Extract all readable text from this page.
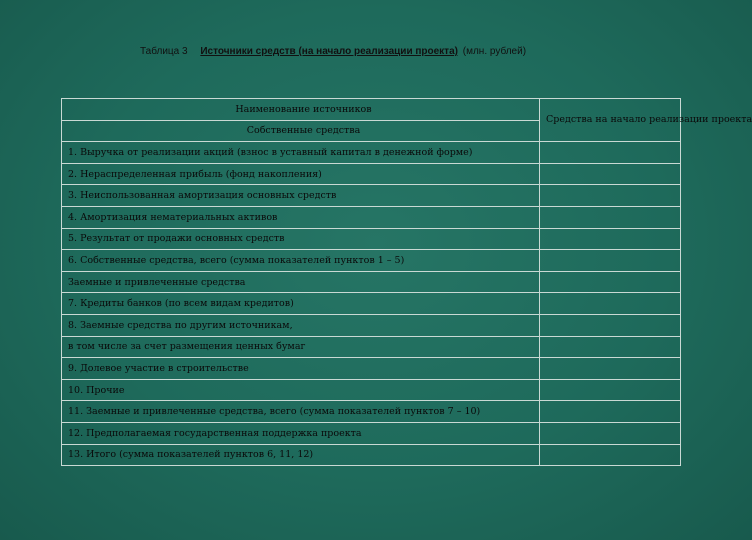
Таблица 3 Источники средств (на начало реализации проекта) (млн. рублей)
Наименование источников	Средства на начало реализации проекта
Собственные средства	
1. Выручка от реализации акций (взнос в уставный капитал в денежной форме)	
2. Нераспределенная прибыль (фонд накопления)	
3. Неиспользованная амортизация основных средств	
4. Амортизация нематериальных активов	
5. Результат от продажи основных средств	
6. Собственные средства, всего (сумма показателей пунктов 1 – 5)	
Заемные и привлеченные средства	
7. Кредиты банков (по всем видам кредитов)	
8. Заемные средства по другим источникам,	
в том числе за счет размещения ценных бумаг	
9. Долевое участие в строительстве	
10. Прочие	
11. Заемные и привлеченные средства, всего (сумма показателей пунктов 7 – 10)	
12. Предполагаемая государственная поддержка проекта	
13. Итого (сумма показателей пунктов 6, 11, 12)	
